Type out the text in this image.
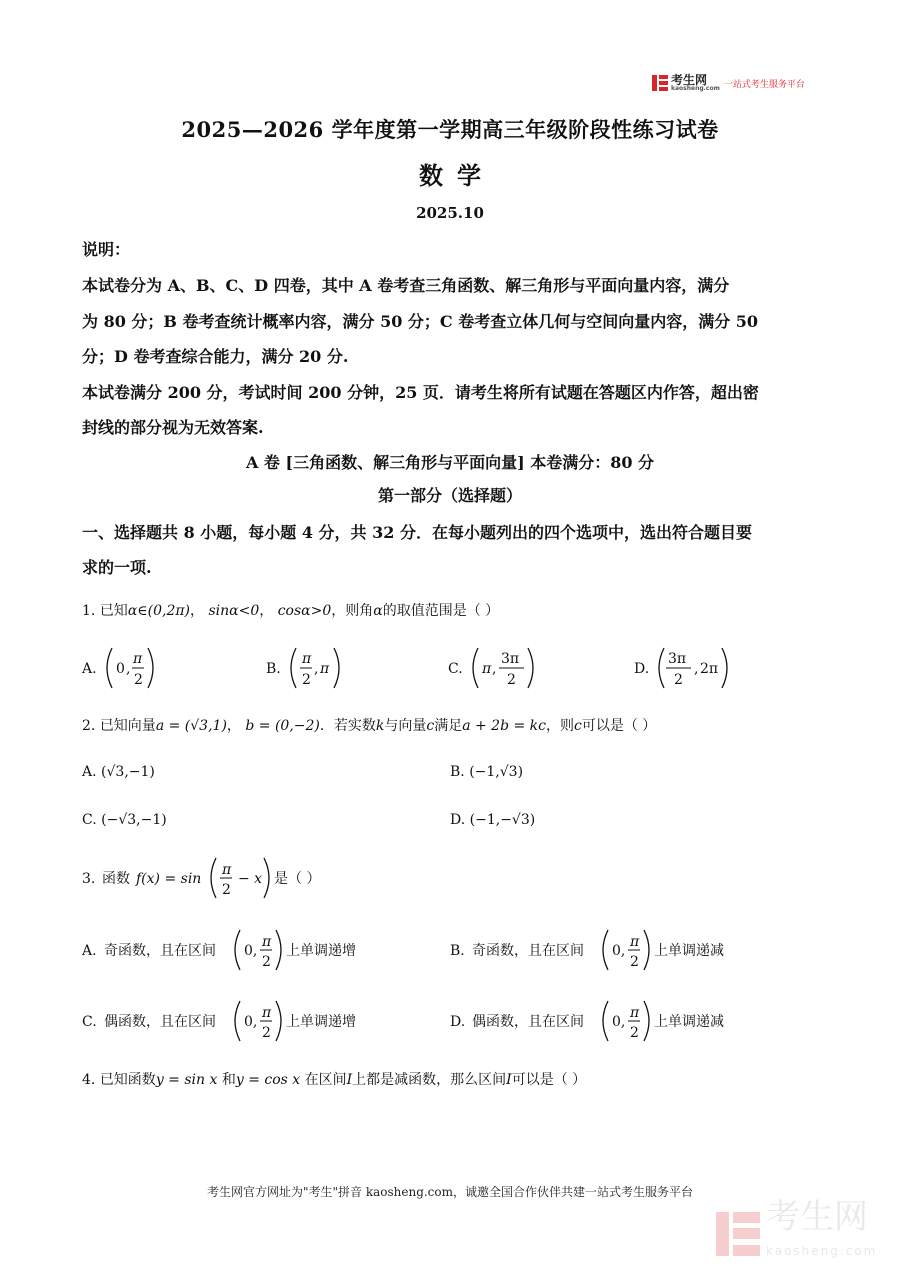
考生网
kaosheng.com 一站式考生服务平台
2025—2026 学年度第一学期高三年级阶段性练习试卷
数学
2025.10
说明：
本试卷分为 A、B、C、D 四卷，其中 A 卷考查三角函数、解三角形与平面向量内容，满分
为 80 分；B 卷考查统计概率内容，满分 50 分；C 卷考查立体几何与空间向量内容，满分 50
分；D 卷考查综合能力，满分 20 分.
本试卷满分 200 分，考试时间 200 分钟，25 页．请考生将所有试题在答题区内作答，超出密
封线的部分视为无效答案.
A 卷 [三角函数、解三角形与平面向量] 本卷满分：80 分
第一部分（选择题）
一、选择题共 8 小题，每小题 4 分，共 32 分．在每小题列出的四个选项中，选出符合题目要
求的一项.
1. 已知α∈(0,2π)， sinα<0， cosα>0，则角α的取值范围是（ ）
A. 0 ,
π
2
B.
π
2
, π	C. π ,
3π
2
D.
3π
2
, 2π
2. 已知向量a = (√3,1)， b = (0,−2)．若实数k与向量c满足a + 2b = kc，则c可以是（ ）
A. (√3,−1)	B. (−1,√3)
C. (−√3,−1)	D. (−1,−√3)
3. 函数 f(x) = sin
π
2
− x 是（ ）
A. 奇函数，且在区间 0,
π
2
上单调递增	B. 奇函数，且在区间 0,
π
2
上单调递减
C. 偶函数，且在区间 0,
π
2
上单调递增	D. 偶函数，且在区间 0,
π
2
上单调递减
4. 已知函数y = sin x 和y = cos x 在区间I上都是减函数，那么区间I可以是（ ）
考生网官方网址为"考生"拼音 kaosheng.com，诚邀全国合作伙伴共建一站式考生服务平台
考生网
kaosheng.com
